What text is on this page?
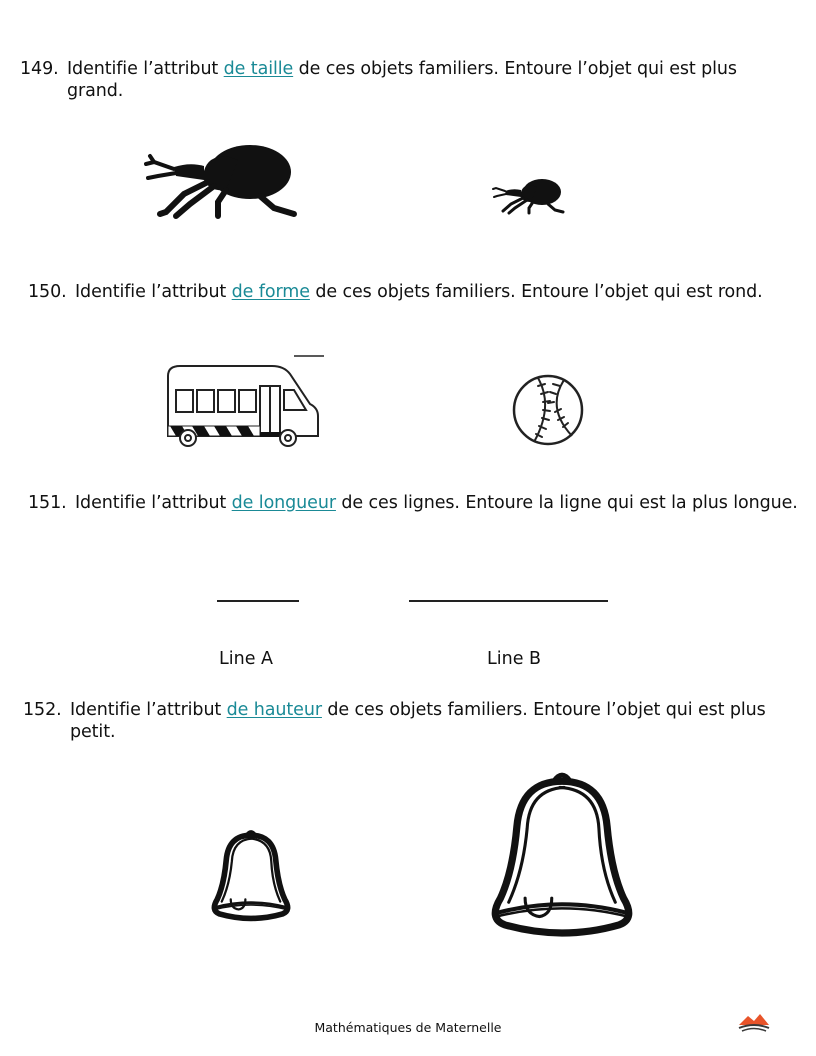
149. Identifie l’attribut de taille de ces objets familiers. Entoure l’objet qui est plus grand.
150. Identifie l’attribut de forme de ces objets familiers. Entoure l’objet qui est rond.
151. Identifie l’attribut de longueur de ces lignes. Entoure la ligne qui est la plus longue.
Line A	Line B
152. Identifie l’attribut de hauteur de ces objets familiers. Entoure l’objet qui est plus petit.
Mathématiques de Maternelle
